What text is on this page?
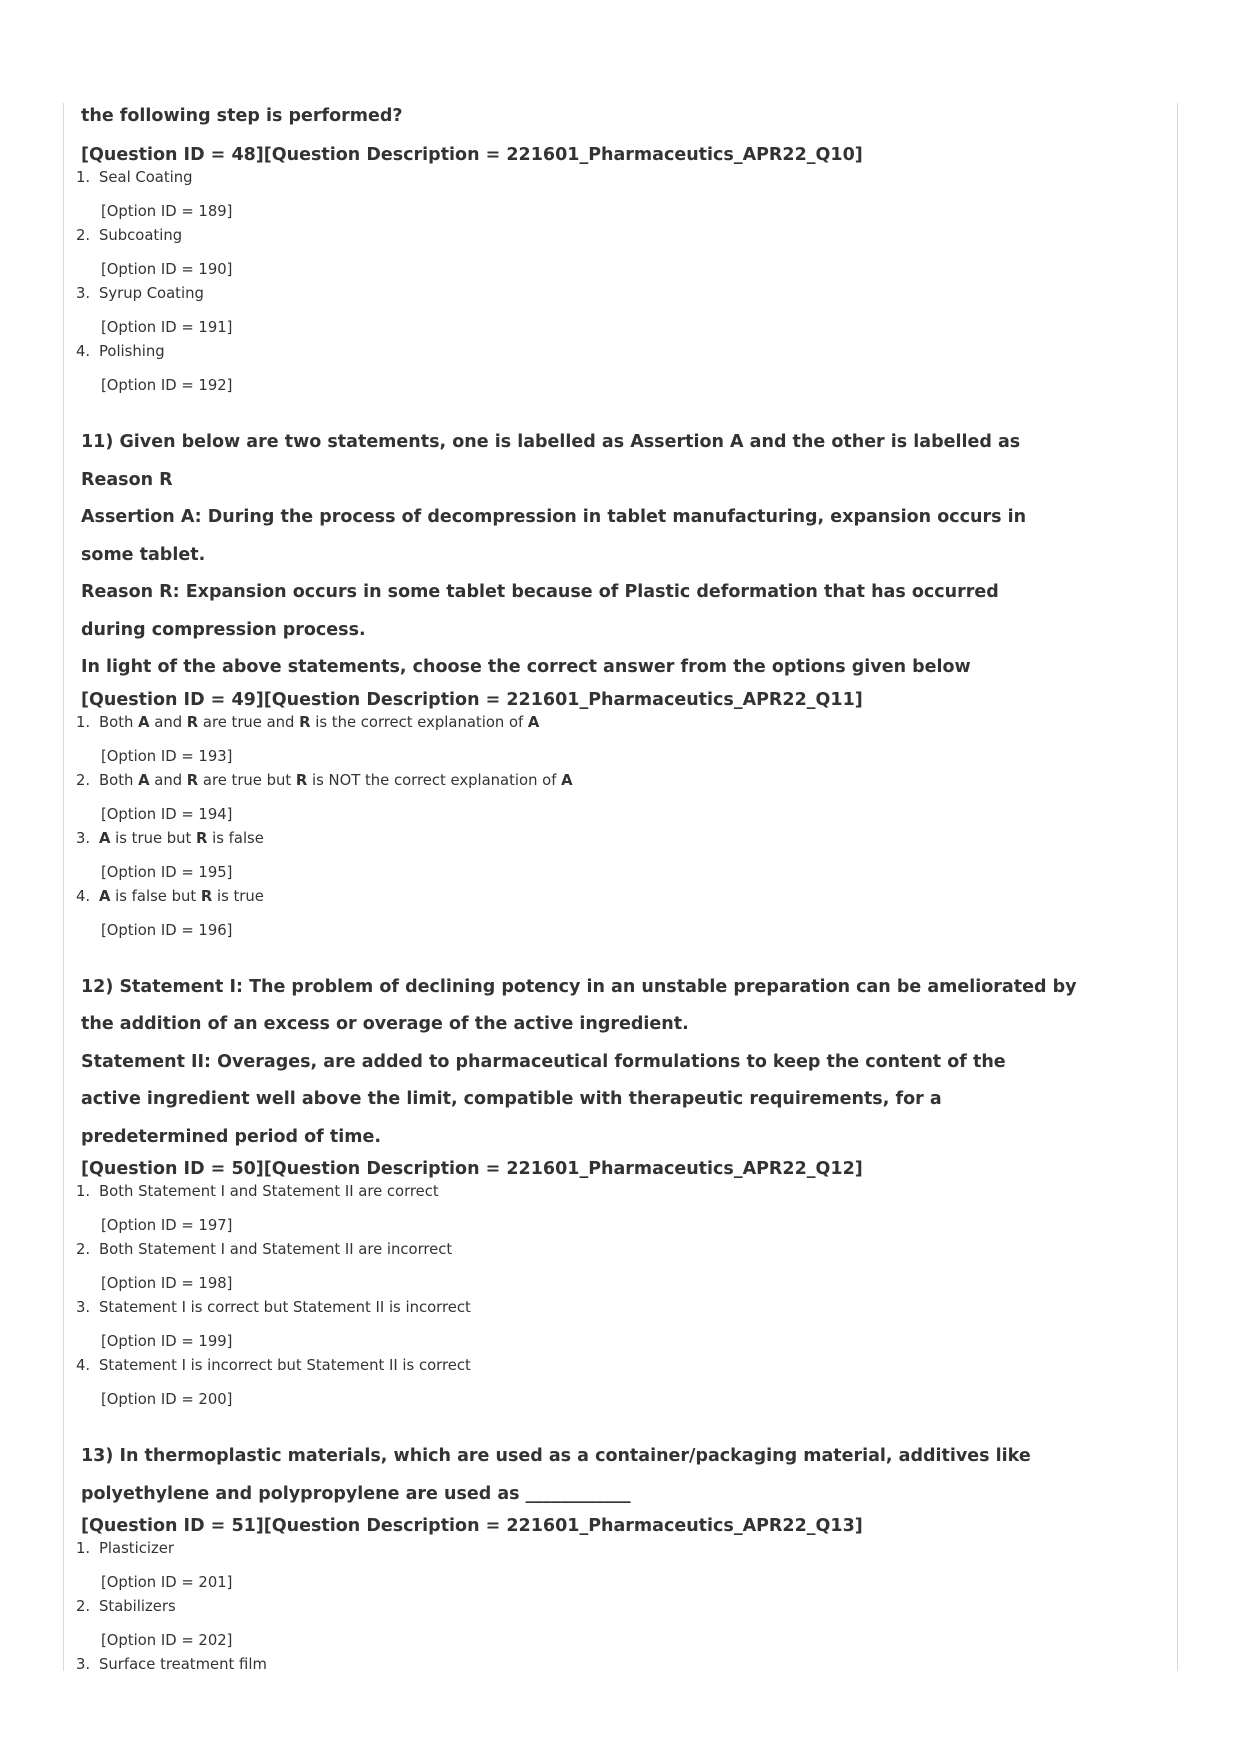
the following step is performed?

[Question ID = 48][Question Description = 221601_Pharmaceutics_APR22_Q10]

1. Seal Coating
[Option ID = 189]
2. Subcoating
[Option ID = 190]
3. Syrup Coating
[Option ID = 191]
4. Polishing
[Option ID = 192]

11) Given below are two statements, one is labelled as Assertion A and the other is labelled as

Reason R

Assertion A: During the process of decompression in tablet manufacturing, expansion occurs in

some tablet.

Reason R: Expansion occurs in some tablet because of Plastic deformation that has occurred

during compression process.

In light of the above statements, choose the correct answer from the options given below

[Question ID = 49][Question Description = 221601_Pharmaceutics_APR22_Q11]

1. Both A and R are true and R is the correct explanation of A
[Option ID = 193]
2. Both A and R are true but R is NOT the correct explanation of A
[Option ID = 194]
3. A is true but R is false
[Option ID = 195]
4. A is false but R is true
[Option ID = 196]

12) Statement I: The problem of declining potency in an unstable preparation can be ameliorated by

the addition of an excess or overage of the active ingredient.

Statement II: Overages, are added to pharmaceutical formulations to keep the content of the

active ingredient well above the limit, compatible with therapeutic requirements, for a

predetermined period of time.

[Question ID = 50][Question Description = 221601_Pharmaceutics_APR22_Q12]

1. Both Statement I and Statement II are correct
[Option ID = 197]
2. Both Statement I and Statement II are incorrect
[Option ID = 198]
3. Statement I is correct but Statement II is incorrect
[Option ID = 199]
4. Statement I is incorrect but Statement II is correct
[Option ID = 200]

13) In thermoplastic materials, which are used as a container/packaging material, additives like

polyethylene and polypropylene are used as ____________

[Question ID = 51][Question Description = 221601_Pharmaceutics_APR22_Q13]

1. Plasticizer
[Option ID = 201]
2. Stabilizers
[Option ID = 202]
3. Surface treatment film
